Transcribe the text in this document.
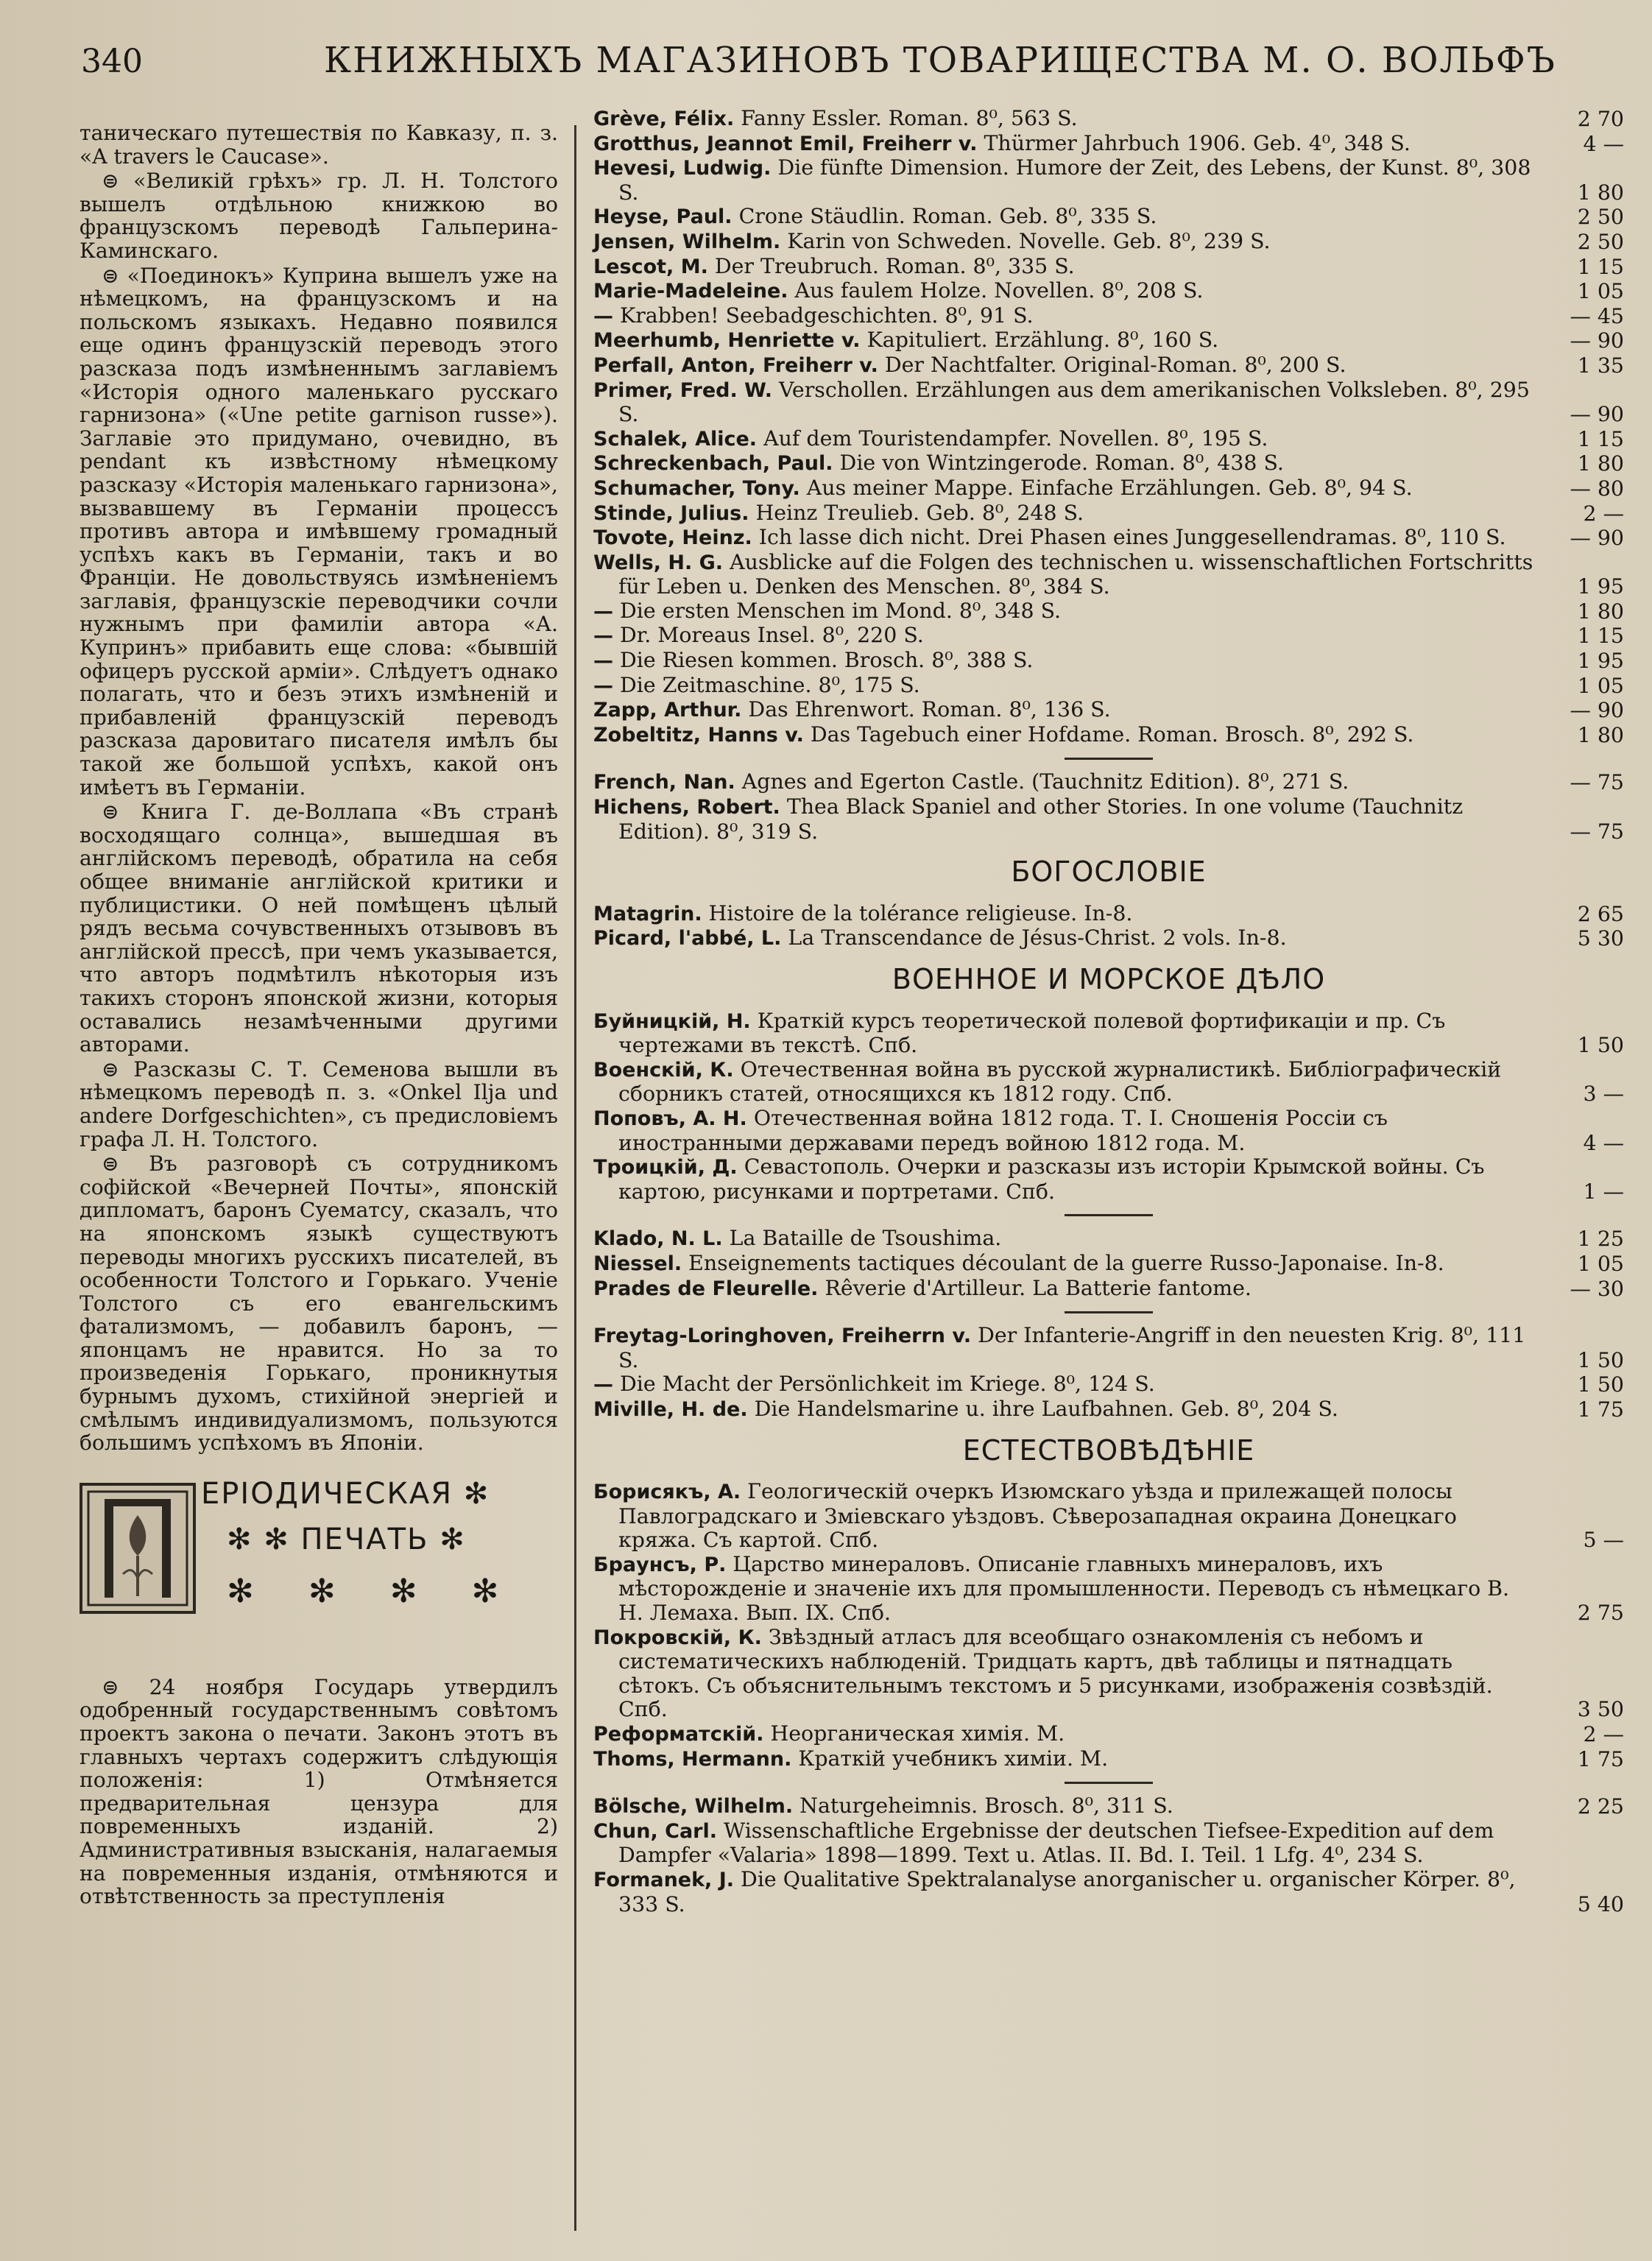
340	КНИЖНЫХЪ МАГАЗИНОВЪ ТОВАРИЩЕСТВА М. О. ВОЛЬФЪ

таническаго путешествія по Кавказу, п. з. «A travers le Caucase».

⊜ «Великій грѣхъ» гр. Л. Н. Толстого вышелъ отдѣльною книжкою во французскомъ переводѣ Гальперина-Каминскаго.

⊜ «Поединокъ» Куприна вышелъ уже на нѣмецкомъ, на французскомъ и на польскомъ языкахъ. Недавно появился еще одинъ французскій переводъ этого разсказа подъ измѣненнымъ заглавіемъ «Исторія одного маленькаго русскаго гарнизона» («Une petite garnison russe»). Заглавіе это придумано, очевидно, въ pendant къ извѣстному нѣмецкому разсказу «Исторія маленькаго гарнизона», вызвавшему въ Германіи процессъ противъ автора и имѣвшему громадный успѣхъ какъ въ Германіи, такъ и во Франціи. Не довольствуясь измѣненіемъ заглавія, французскіе переводчики сочли нужнымъ при фамиліи автора «А. Купринъ» прибавить еще слова: «бывшій офицеръ русской арміи». Слѣдуетъ однако полагать, что и безъ этихъ измѣненій и прибавленій французскій переводъ разсказа даровитаго писателя имѣлъ бы такой же большой успѣхъ, какой онъ имѣетъ въ Германіи.

⊜ Книга Г. де-Воллапа «Въ странѣ восходящаго солнца», вышедшая въ англійскомъ переводѣ, обратила на себя общее вниманіе англійской критики и публицистики. О ней помѣщенъ цѣлый рядъ весьма сочувственныхъ отзывовъ въ англійской прессѣ, при чемъ указывается, что авторъ подмѣтилъ нѣкоторыя изъ такихъ сторонъ японской жизни, которыя оставались незамѣченными другими авторами.

⊜ Разсказы С. Т. Семенова вышли въ нѣмецкомъ переводѣ п. з. «Onkel Ilja und andere Dorfgeschichten», съ предисловіемъ графа Л. Н. Толстого.

⊜ Въ разговорѣ съ сотрудникомъ софійской «Вечерней Почты», японскій дипломатъ, баронъ Суематсу, сказалъ, что на японскомъ языкѣ существуютъ переводы многихъ русскихъ писателей, въ особенности Толстого и Горькаго. Ученіе Толстого съ его евангельскимъ фатализмомъ, — добавилъ баронъ, — японцамъ не нравится. Но за то произведенія Горькаго, проникнутыя бурнымъ духомъ, стихійной энергіей и смѣлымъ индивидуализмомъ, пользуются большимъ успѣхомъ въ Японіи.

ЕРІОДИЧЕСКАЯ ✻
✻ ✻ ПЕЧАТЬ ✻
✻ ✻ ✻ ✻

⊜ 24 ноября Государь утвердилъ одобренный государственнымъ совѣтомъ проектъ закона о печати. Законъ этотъ въ главныхъ чертахъ содержитъ слѣдующія положенія: 1) Отмѣняется предварительная цензура для повременныхъ изданій. 2) Административныя взысканія, налагаемыя на повременныя изданія, отмѣняются и отвѣтственность за преступленія

Grève, Félix. Fanny Essler. Roman. 8⁰, 563 S.	2 70
Grotthus, Jeannot Emil, Freiherr v. Thürmer Jahrbuch 1906. Geb. 4⁰, 348 S.	4 —
Hevesi, Ludwig. Die fünfte Dimension. Humore der Zeit, des Lebens, der Kunst. 8⁰, 308 S.	1 80
Heyse, Paul. Crone Stäudlin. Roman. Geb. 8⁰, 335 S.	2 50
Jensen, Wilhelm. Karin von Schweden. Novelle. Geb. 8⁰, 239 S.	2 50
Lescot, M. Der Treubruch. Roman. 8⁰, 335 S.	1 15
Marie-Madeleine. Aus faulem Holze. Novellen. 8⁰, 208 S.	1 05
— Krabben! Seebadgeschichten. 8⁰, 91 S.	— 45
Meerhumb, Henriette v. Kapituliert. Erzählung. 8⁰, 160 S.	— 90
Perfall, Anton, Freiherr v. Der Nachtfalter. Original-Roman. 8⁰, 200 S.	1 35
Primer, Fred. W. Verschollen. Erzählungen aus dem amerikanischen Volksleben. 8⁰, 295 S.	— 90
Schalek, Alice. Auf dem Touristendampfer. Novellen. 8⁰, 195 S.	1 15
Schreckenbach, Paul. Die von Wintzingerode. Roman. 8⁰, 438 S.	1 80
Schumacher, Tony. Aus meiner Mappe. Einfache Erzählungen. Geb. 8⁰, 94 S.	— 80
Stinde, Julius. Heinz Treulieb. Geb. 8⁰, 248 S.	2 —
Tovote, Heinz. Ich lasse dich nicht. Drei Phasen eines Junggesellendramas. 8⁰, 110 S.	— 90
Wells, H. G. Ausblicke auf die Folgen des technischen u. wissenschaftlichen Fortschritts für Leben u. Denken des Menschen. 8⁰, 384 S.	1 95
— Die ersten Menschen im Mond. 8⁰, 348 S.	1 80
— Dr. Moreaus Insel. 8⁰, 220 S.	1 15
— Die Riesen kommen. Brosch. 8⁰, 388 S.	1 95
— Die Zeitmaschine. 8⁰, 175 S.	1 05
Zapp, Arthur. Das Ehrenwort. Roman. 8⁰, 136 S.	— 90
Zobeltitz, Hanns v. Das Tagebuch einer Hofdame. Roman. Brosch. 8⁰, 292 S.	1 80
French, Nan. Agnes and Egerton Castle. (Tauchnitz Edition). 8⁰, 271 S.	— 75
Hichens, Robert. Thea Black Spaniel and other Stories. In one volume (Tauchnitz Edition). 8⁰, 319 S.	— 75
БОГОСЛОВІЕ
Matagrin. Histoire de la tolérance religieuse. In-8.	2 65
Picard, l'abbé, L. La Transcendance de Jésus-Christ. 2 vols. In-8.	5 30
ВОЕННОЕ И МОРСКОЕ ДѢЛО
Буйницкій, Н. Краткій курсъ теоретической полевой фортификаціи и пр. Съ чертежами въ текстѣ. Спб.	1 50
Военскій, К. Отечественная война въ русской журналистикѣ. Библіографическій сборникъ статей, относящихся къ 1812 году. Спб.	3 —
Поповъ, А. Н. Отечественная война 1812 года. Т. I. Сношенія Россіи съ иностранными державами передъ войною 1812 года. М.	4 —
Троицкій, Д. Севастополь. Очерки и разсказы изъ исторіи Крымской войны. Съ картою, рисунками и портретами. Спб.	1 —
Klado, N. L. La Bataille de Tsoushima.	1 25
Niessel. Enseignements tactiques découlant de la guerre Russo-Japonaise. In-8.	1 05
Prades de Fleurelle. Rêverie d'Artilleur. La Batterie fantome.	— 30
Freytag-Loringhoven, Freiherrn v. Der Infanterie-Angriff in den neuesten Krig. 8⁰, 111 S.	1 50
— Die Macht der Persönlichkeit im Kriege. 8⁰, 124 S.	1 50
Miville, H. de. Die Handelsmarine u. ihre Laufbahnen. Geb. 8⁰, 204 S.	1 75
ЕСТЕСТВОВѢДѢНІЕ
Борисякъ, А. Геологическій очеркъ Изюмскаго уѣзда и прилежащей полосы Павлоградскаго и Зміевскаго уѣздовъ. Сѣверозападная окраина Донецкаго кряжа. Съ картой. Спб.	5 —
Браунсъ, Р. Царство минераловъ. Описаніе главныхъ минераловъ, ихъ мѣсторожденіе и значеніе ихъ для промышленности. Переводъ съ нѣмецкаго В. Н. Лемаха. Вып. IX. Спб.	2 75
Покровскій, К. Звѣздный атласъ для всеобщаго ознакомленія съ небомъ и систематическихъ наблюденій. Тридцать картъ, двѣ таблицы и пятнадцать сѣтокъ. Съ объяснительнымъ текстомъ и 5 рисунками, изображенія созвѣздій. Спб.	3 50
Реформатскій. Неорганическая химія. М.	2 —
Thoms, Hermann. Краткій учебникъ химіи. М.	1 75
Bölsche, Wilhelm. Naturgeheimnis. Brosch. 8⁰, 311 S.	2 25
Chun, Carl. Wissenschaftliche Ergebnisse der deutschen Tiefsee-Expedition auf dem Dampfer «Valaria» 1898—1899. Text u. Atlas. II. Bd. I. Teil. 1 Lfg. 4⁰, 234 S.
Formanek, J. Die Qualitative Spektralanalyse anorganischer u. organischer Körper. 8⁰, 333 S.	5 40
